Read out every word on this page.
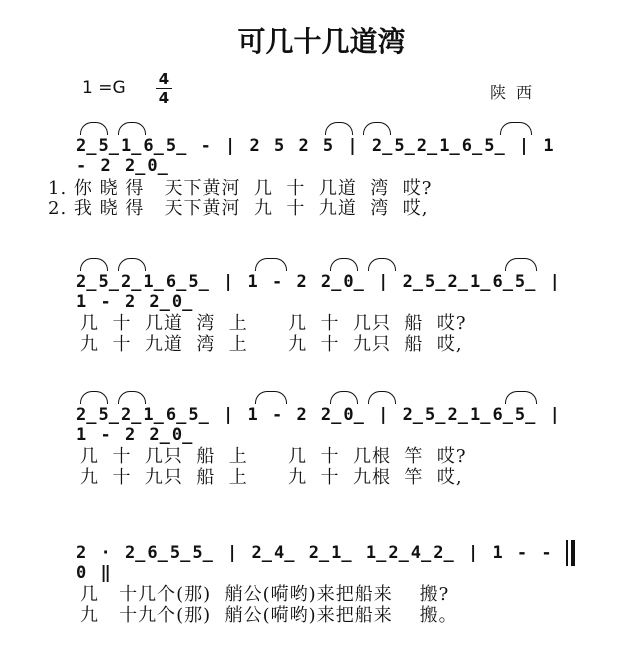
可几十几道湾
1 =G 4
4	陕西
2̲5̲1̲6̲5̲ - | 2 5 2 5 | 2̲5̲2̲1̲6̲5̲ | 1 - 2 2̲0̲
1. 你 晓 得   天下黄河  几  十  几道  湾  哎?
2. 我 晓 得   天下黄河  九  十  九道  湾  哎,
2̲5̲2̲1̲6̲5̲ | 1 - 2 2̲0̲ | 2̲5̲2̲1̲6̲5̲ | 1 - 2 2̲0̲
几  十  几道  湾  上      几  十  几只  船  哎?
九  十  九道  湾  上      九  十  九只  船  哎,
2̲5̲2̲1̲6̲5̲ | 1 - 2 2̲0̲ | 2̲5̲2̲1̲6̲5̲ | 1 - 2 2̲0̲
几  十  几只  船  上      几  十  几根  竿  哎?
九  十  九只  船  上      九  十  九根  竿  哎,
2 · 2̲6̲5̲5̲ | 2̲4̲ 2̲1̲ 1̲2̲4̲2̲ | 1 - - 0 ‖
几   十几个(那)  艄公(嗬哟)来把船来    搬?
九   十九个(那)  艄公(嗬哟)来把船来    搬。
